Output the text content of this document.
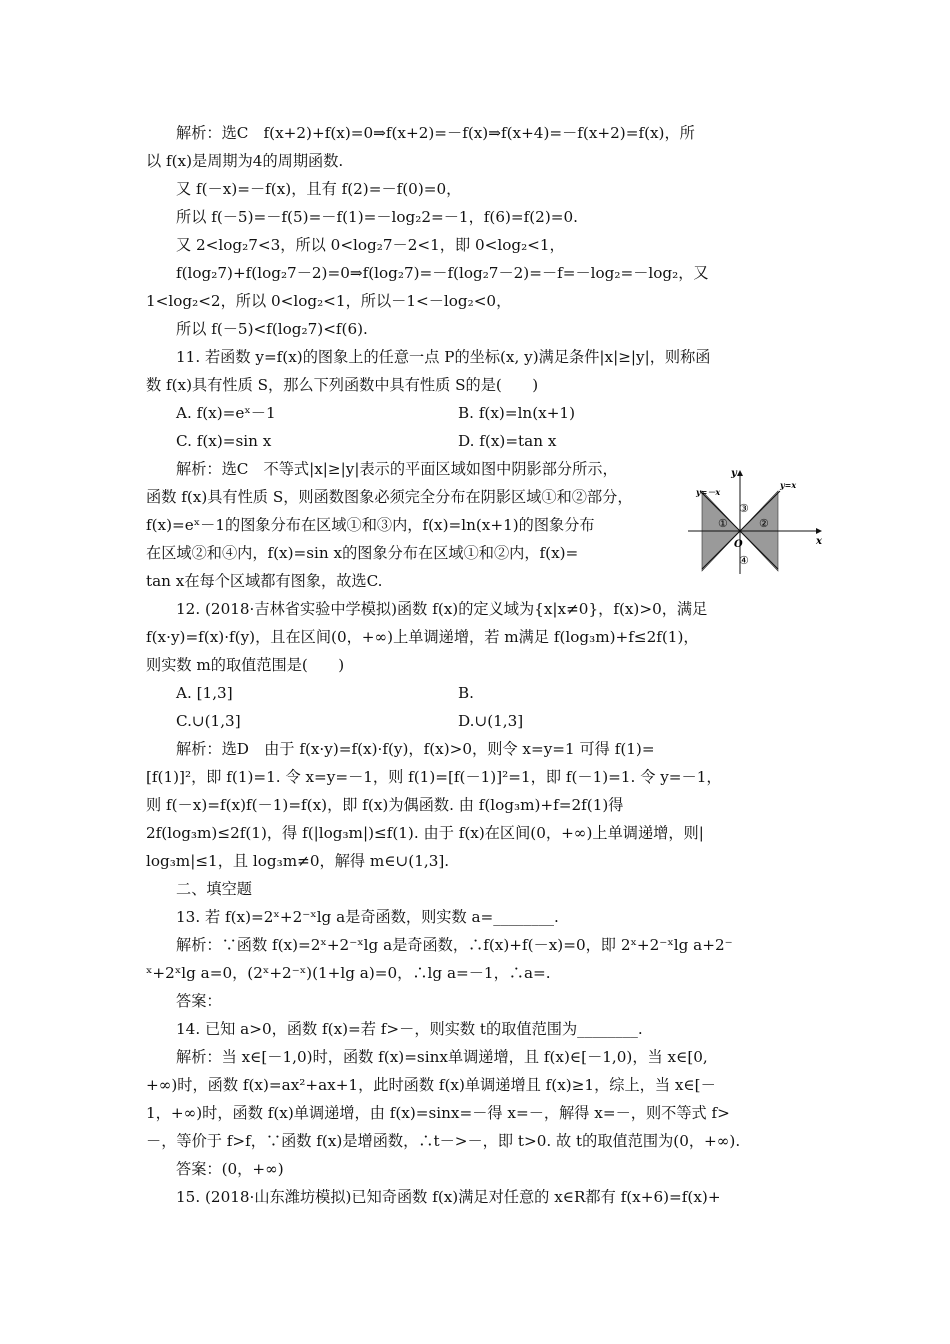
解析：选C　f(x+2)+f(x)=0⇒f(x+2)=－f(x)⇒f(x+4)=－f(x+2)=f(x)，所
以 f(x)是周期为4的周期函数.
又 f(－x)=－f(x)，且有 f(2)=－f(0)=0，
所以 f(－5)=－f(5)=－f(1)=－log₂2=－1，f(6)=f(2)=0.
又 2<log₂7<3，所以 0<log₂7－2<1，即 0<log₂<1，
f(log₂7)+f(log₂7－2)=0⇒f(log₂7)=－f(log₂7－2)=－f=－log₂=－log₂，又
1<log₂<2，所以 0<log₂<1，所以－1<－log₂<0，
所以 f(－5)<f(log₂7)<f(6).
11. 若函数 y=f(x)的图象上的任意一点 P的坐标(x, y)满足条件|x|≥|y|，则称函
数 f(x)具有性质 S，那么下列函数中具有性质 S的是(　　)
A. f(x)=eˣ－1	B. f(x)=ln(x+1)
C. f(x)=sin x	D. f(x)=tan x
解析：选C　不等式|x|≥|y|表示的平面区域如图中阴影部分所示，
函数 f(x)具有性质 S，则函数图象必须完全分布在阴影区域①和②部分，
f(x)=eˣ－1的图象分布在区域①和③内，f(x)=ln(x+1)的图象分布
在区域②和④内，f(x)=sin x的图象分布在区域①和②内，f(x)=
tan x在每个区域都有图象，故选C.
x
y
O
y=－x
y=x
①	②
③
④
12. (2018·吉林省实验中学模拟)函数 f(x)的定义域为{x|x≠0}，f(x)>0，满足
f(x·y)=f(x)·f(y)，且在区间(0，+∞)上单调递增，若 m满足 f(log₃m)+f≤2f(1)，
则实数 m的取值范围是(　　)
A. [1,3]	B.
C.∪(1,3]	D.∪(1,3]
解析：选D　由于 f(x·y)=f(x)·f(y)，f(x)>0，则令 x=y=1 可得 f(1)=
[f(1)]²，即 f(1)=1. 令 x=y=－1，则 f(1)=[f(－1)]²=1，即 f(－1)=1. 令 y=－1，
则 f(－x)=f(x)f(－1)=f(x)，即 f(x)为偶函数. 由 f(log₃m)+f=2f(1)得
2f(log₃m)≤2f(1)，得 f(|log₃m|)≤f(1). 由于 f(x)在区间(0，+∞)上单调递增，则|
log₃m|≤1，且 log₃m≠0，解得 m∈∪(1,3].
二、填空题
13. 若 f(x)=2ˣ+2⁻ˣlg a是奇函数，则实数 a=________.
解析：∵函数 f(x)=2ˣ+2⁻ˣlg a是奇函数，∴f(x)+f(－x)=0，即 2ˣ+2⁻ˣlg a+2⁻
ˣ+2ˣlg a=0，(2ˣ+2⁻ˣ)(1+lg a)=0，∴lg a=－1，∴a=.
答案：
14. 已知 a>0，函数 f(x)=若 f>－，则实数 t的取值范围为________.
解析：当 x∈[－1,0)时，函数 f(x)=sinx单调递增，且 f(x)∈[－1,0)，当 x∈[0,
+∞)时，函数 f(x)=ax²+ax+1，此时函数 f(x)单调递增且 f(x)≥1，综上，当 x∈[－
1，+∞)时，函数 f(x)单调递增，由 f(x)=sinx=－得 x=－，解得 x=－，则不等式 f>
－，等价于 f>f，∵函数 f(x)是增函数，∴t－>－，即 t>0. 故 t的取值范围为(0，+∞).
答案：(0，+∞)
15. (2018·山东潍坊模拟)已知奇函数 f(x)满足对任意的 x∈R都有 f(x+6)=f(x)+
